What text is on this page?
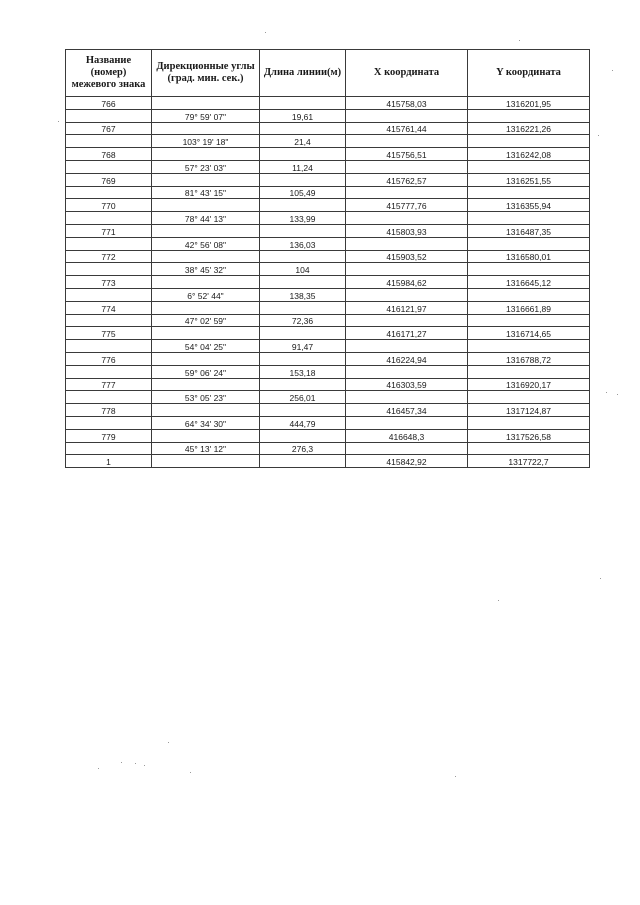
Название (номер) межевого знака	Дирекционные углы (град. мин. сек.)	Длина линии(м)	Х координата	Y координата
766			415758,03	1316201,95
	79° 59' 07"	19,61		
767			415761,44	1316221,26
	103° 19' 18"	21,4		
768			415756,51	1316242,08
	57° 23' 03"	11,24		
769			415762,57	1316251,55
	81° 43' 15"	105,49		
770			415777,76	1316355,94
	78° 44' 13"	133,99		
771			415803,93	1316487,35
	42° 56' 08"	136,03		
772			415903,52	1316580,01
	38° 45' 32"	104		
773			415984,62	1316645,12
	6° 52' 44"	138,35		
774			416121,97	1316661,89
	47° 02' 59"	72,36		
775			416171,27	1316714,65
	54° 04' 25"	91,47		
776			416224,94	1316788,72
	59° 06' 24"	153,18		
777			416303,59	1316920,17
	53° 05' 23"	256,01		
778			416457,34	1317124,87
	64° 34' 30"	444,79		
779			416648,3	1317526,58
	45° 13' 12"	276,3		
1			415842,92	1317722,7
